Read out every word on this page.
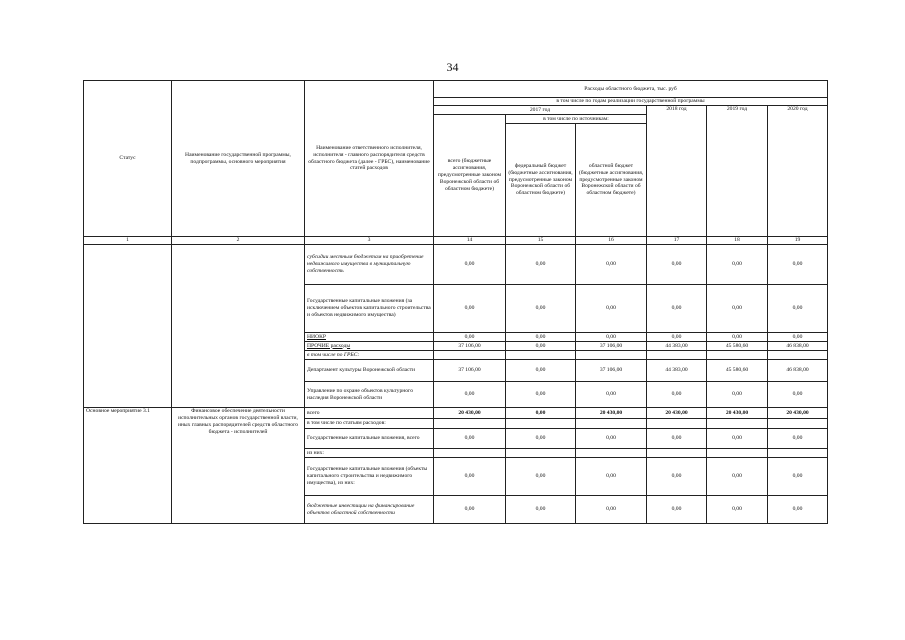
34
Статус	Наименование государственной программы, подпрограммы, основного мероприятия	Наименование ответственного исполнителя, исполнителя - главного распорядителя средств областного бюджета (далее - ГРБС), наименование статей расходов	Расходы областного бюджета, тыс. руб					
			в том числе по годам реализации государственной программы					
			2017 год			2018 год	2019 год	2020 год
			всего (бюджетные ассигнования, предусмотренные законом Воронежской области об областном бюджете)	в том числе по источникам:				
				федеральный бюджет (бюджетные ассигнования, предусмотренные законом Воронежской области об областном бюджете)	областной бюджет (бюджетные ассигнования, предусмотренные законом Воронежской области об областном бюджете)			
1	2	3	14	15	16	17	18	19
		субсидии местным бюджетам на приобретение недвижимого имущества в муниципальную собственность	0,00	0,00	0,00	0,00	0,00	0,00
		Государственные капитальные вложения (за исключением объектов капитального строительства и объектов недвижимого имущества)	0,00	0,00	0,00	0,00	0,00	0,00
		НИОКР	0,00	0,00	0,00	0,00	0,00	0,00
		ПРОЧИЕ расходы	37 106,00	0,00	37 106,00	44 383,00	45 580,60	46 838,00
		в том числе по ГРБС:						
		Департамент культуры Воронежской области	37 106,00	0,00	37 106,00	44 383,00	45 580,60	46 838,00
		Управление по охране объектов культурного наследия Воронежской области	0,00	0,00	0,00	0,00	0,00	0,00
Основное мероприятие 3.1	Финансовое обеспечение деятельности исполнительных органов государственной власти, иных главных распорядителей средств областного бюджета - исполнителей	всего	20 430,00	0,00	20 430,00	20 430,00	20 430,00	20 430,00
		в том числе по статьям расходов:						
		Государственные капитальные вложения, всего	0,00	0,00	0,00	0,00	0,00	0,00
		из них:						
		Государственные капитальные вложения (объекты капитального строительства и недвижимого имущества), из них:	0,00	0,00	0,00	0,00	0,00	0,00
		бюджетные инвестиции на финансирование объектов областной собственности	0,00	0,00	0,00	0,00	0,00	0,00
